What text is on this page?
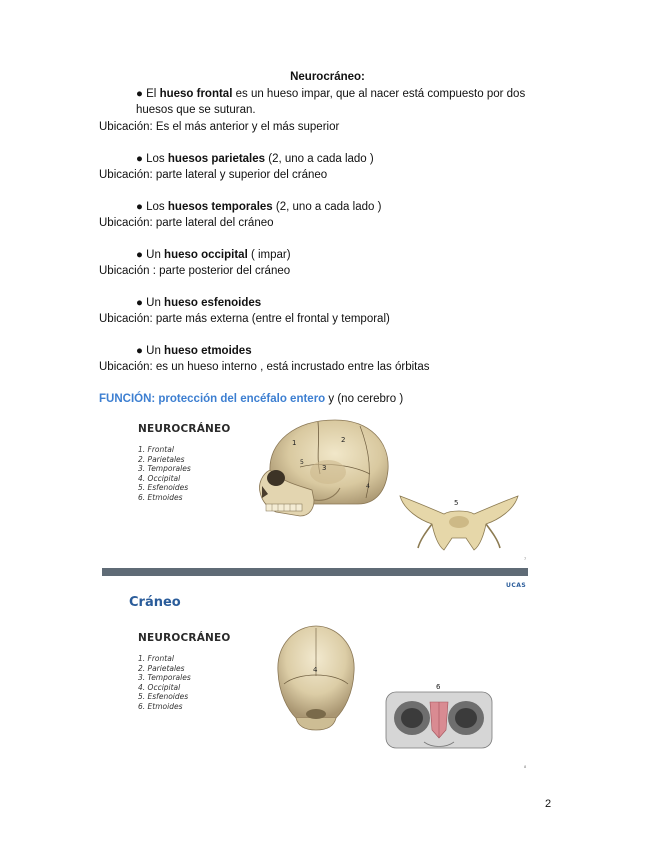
Neurocráneo:
● El hueso frontal es un hueso impar, que al nacer está compuesto por dos
huesos que se suturan.
Ubicación: Es el más anterior y el más superior
● Los huesos parietales (2, uno a cada lado )
Ubicación: parte lateral y superior del cráneo
● Los huesos temporales (2, uno a cada lado )
Ubicación: parte lateral del cráneo
● Un hueso occipital ( impar)
Ubicación : parte posterior del cráneo
● Un hueso esfenoides
Ubicación: parte más externa (entre el frontal y temporal)
● Un hueso etmoides
Ubicación: es un hueso interno , está incrustado entre las órbitas
FUNCIÓN: protección del encéfalo entero y (no cerebro )
NEUROCRÁNEO
1. Frontal
2. Parietales
3. Temporales
4. Occipital
5. Esfenoides
6. Etmoides
1	2
5
3
4
5
7
UCAS
Cráneo
NEUROCRÁNEO
1. Frontal
2. Parietales
3. Temporales
4. Occipital
5. Esfenoides
6. Etmoides
4
6
8
2
